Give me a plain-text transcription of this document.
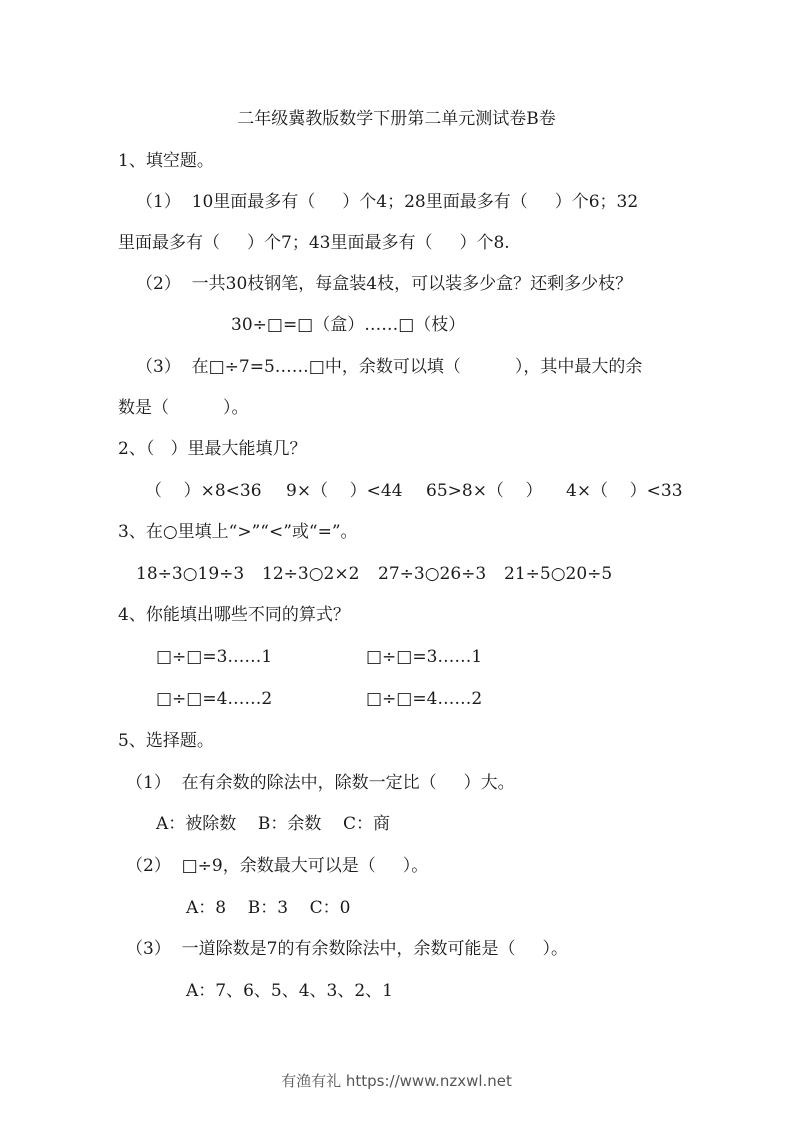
二年级冀教版数学下册第二单元测试卷B卷
1、填空题。
（1）  10里面最多有（     ）个4；28里面最多有（     ）个6；32
里面最多有（     ）个7；43里面最多有（     ）个8.
（2）  一共30枝钢笔，每盒装4枝，可以装多少盒？还剩多少枝？
30÷□=□（盒）……□（枝）
（3）  在□÷7=5……□中，余数可以填（          ），其中最大的余
数是（          ）。
2、（   ）里最大能填几？
（    ）×8<36 9×（    ）<44 65>8×（    ） 4×（    ）<33
3、在○里填上“>”“<”或“=”。
18÷3○19÷3 12÷3○2×2 27÷3○26÷3 21÷5○20÷5
4、你能填出哪些不同的算式？
□÷□=3……1	□÷□=3……1
□÷□=4……2	□÷□=4……2
5、选择题。
（1）  在有余数的除法中，除数一定比（     ）大。
A：被除数    B：余数    C：商
（2）  □÷9，余数最大可以是（     ）。
A：8    B：3    C：0
（3）  一道除数是7的有余数除法中，余数可能是（     ）。
A：7、6、5、4、3、2、1
有渔有礼 https://www.nzxwl.net
